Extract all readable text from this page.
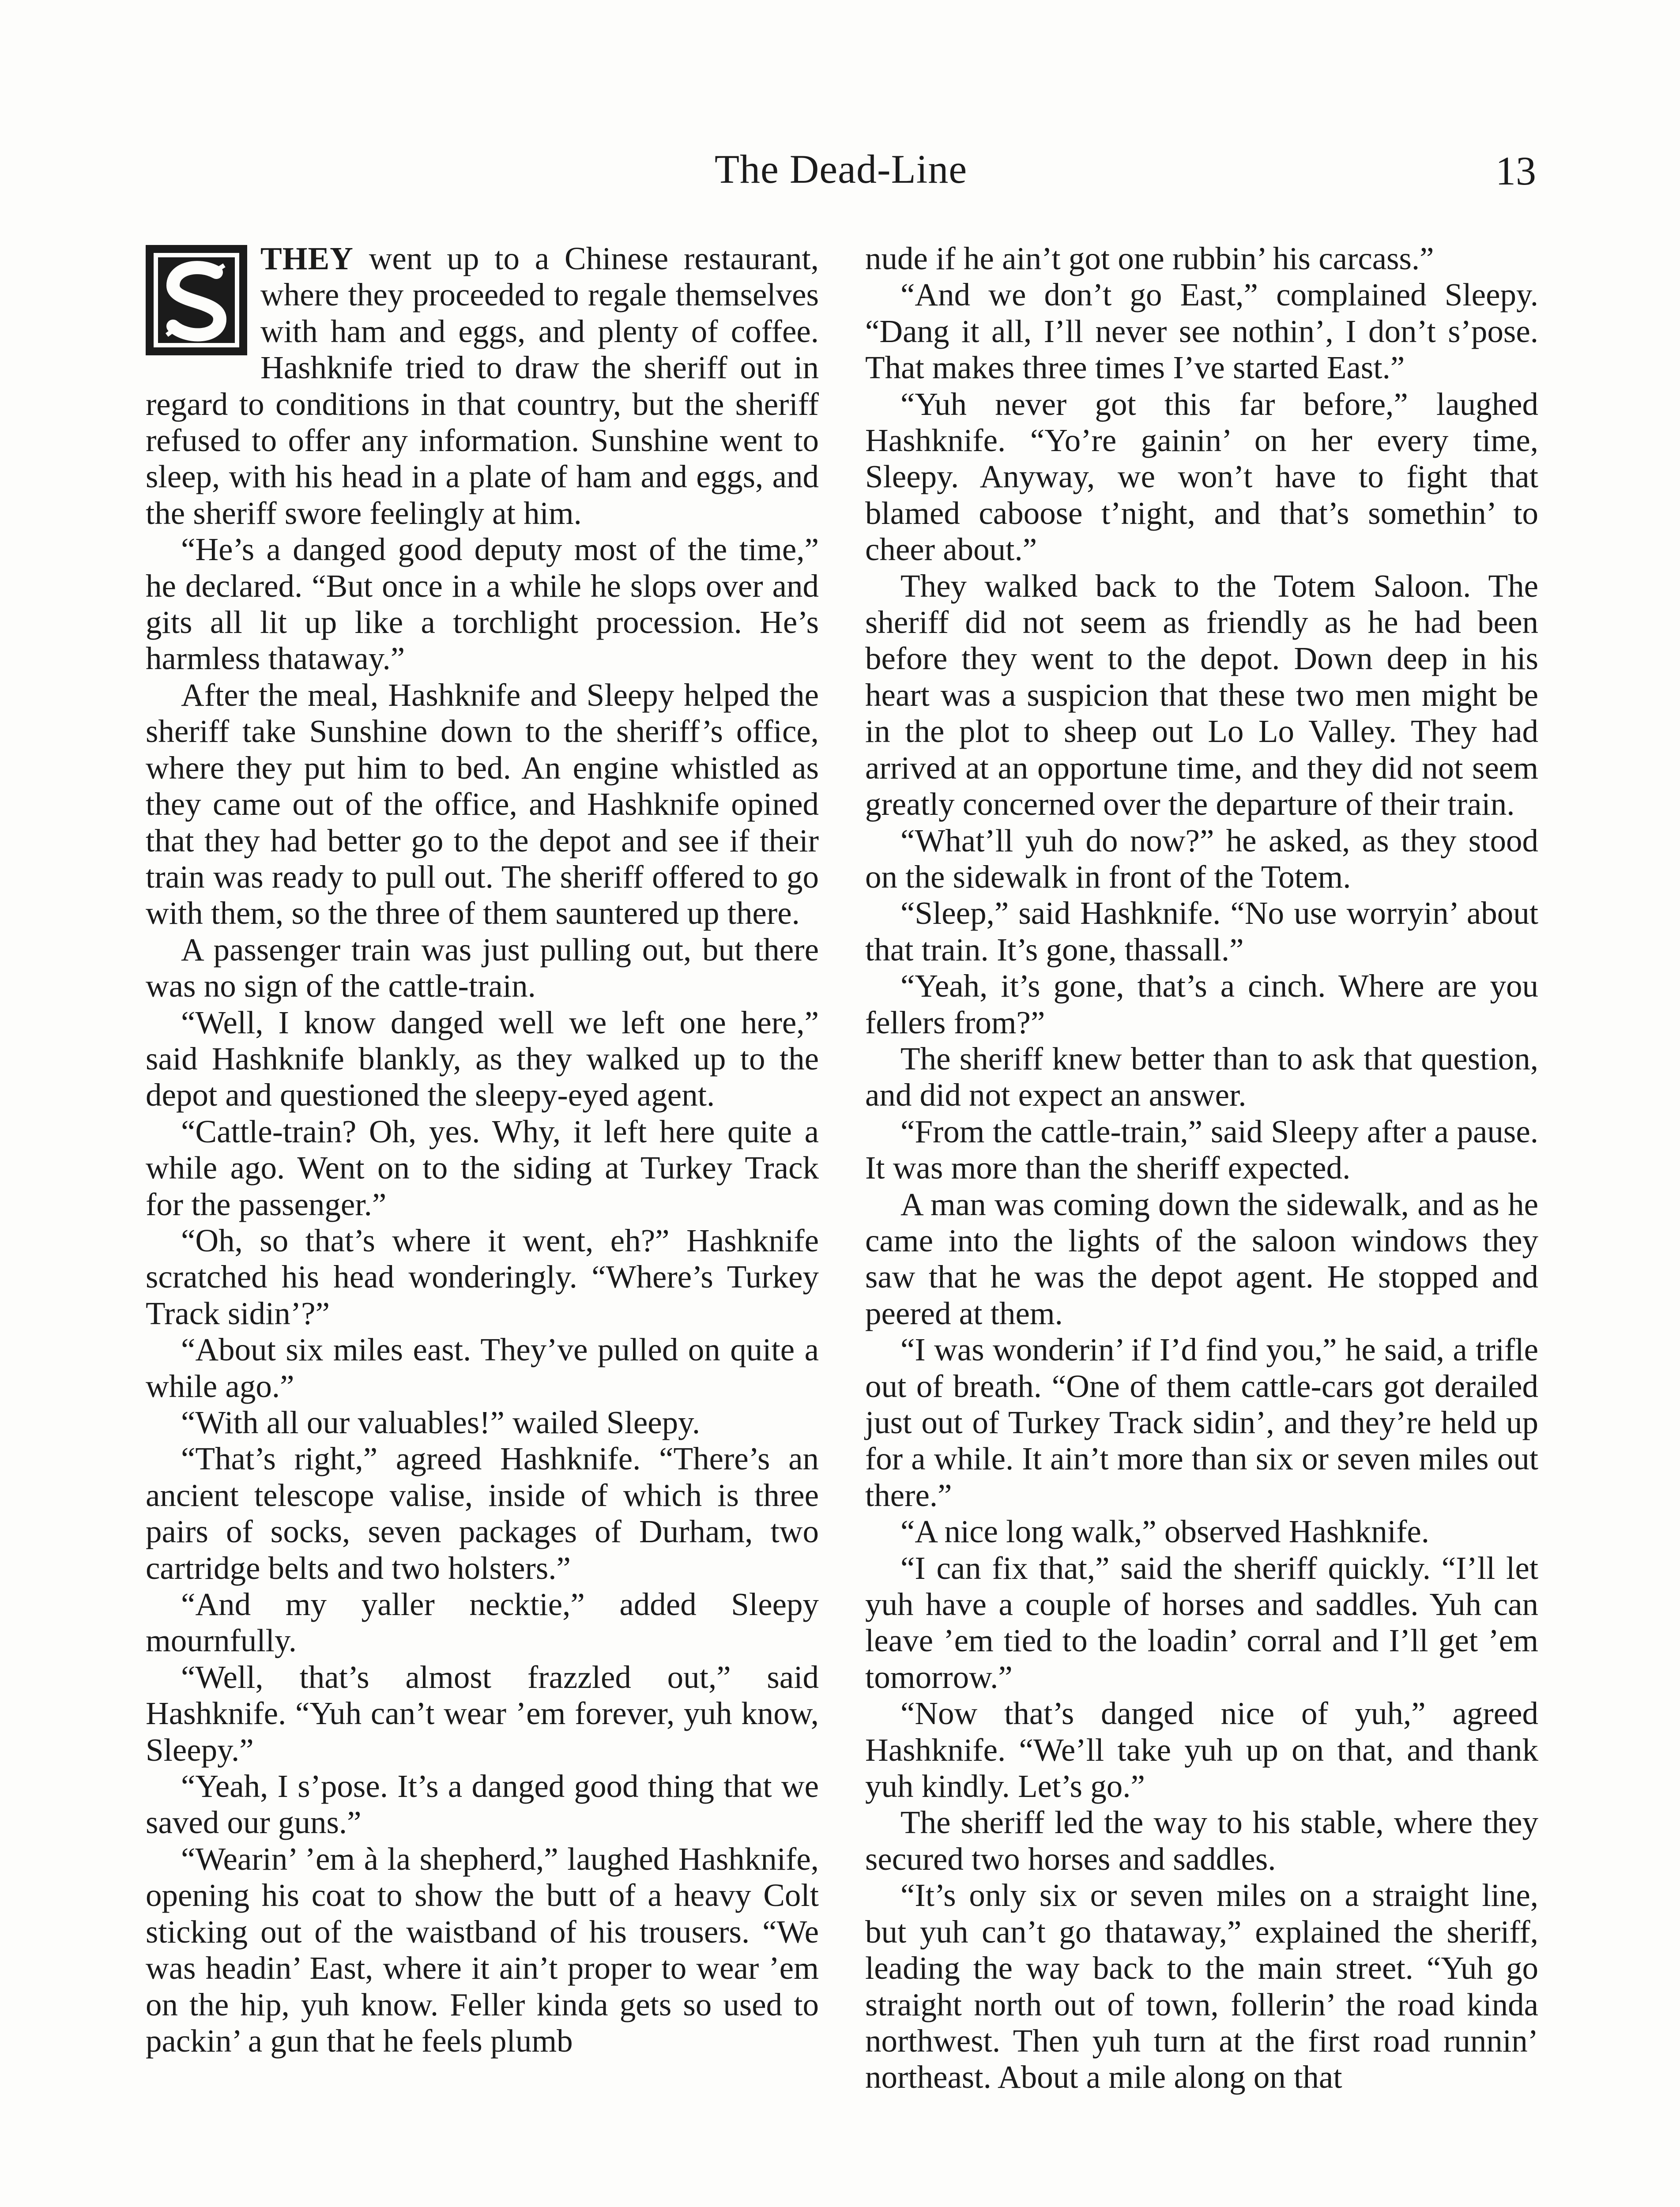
The Dead-Line	13

THEY went up to a Chinese restaurant, where they proceeded to regale themselves with ham and eggs, and plenty of coffee. Hashknife tried to draw the sheriff out in regard to conditions in that country, but the sheriff refused to offer any information. Sunshine went to sleep, with his head in a plate of ham and eggs, and the sheriff swore feelingly at him.

“He’s a danged good deputy most of the time,” he declared. “But once in a while he slops over and gits all lit up like a torchlight procession. He’s harmless thataway.”

After the meal, Hashknife and Sleepy helped the sheriff take Sunshine down to the sheriff’s office, where they put him to bed. An engine whistled as they came out of the office, and Hashknife opined that they had better go to the depot and see if their train was ready to pull out. The sheriff offered to go with them, so the three of them sauntered up there.

A passenger train was just pulling out, but there was no sign of the cattle-train.

“Well, I know danged well we left one here,” said Hashknife blankly, as they walked up to the depot and questioned the sleepy-eyed agent.

“Cattle-train? Oh, yes. Why, it left here quite a while ago. Went on to the siding at Turkey Track for the passenger.”

“Oh, so that’s where it went, eh?” Hashknife scratched his head wonderingly. “Where’s Turkey Track sidin’?”

“About six miles east. They’ve pulled on quite a while ago.”

“With all our valuables!” wailed Sleepy.

“That’s right,” agreed Hashknife. “There’s an ancient telescope valise, inside of which is three pairs of socks, seven packages of Durham, two cartridge belts and two holsters.”

“And my yaller necktie,” added Sleepy mournfully.

“Well, that’s almost frazzled out,” said Hashknife. “Yuh can’t wear ’em forever, yuh know, Sleepy.”

“Yeah, I s’pose. It’s a danged good thing that we saved our guns.”

“Wearin’ ’em à la shepherd,” laughed Hashknife, opening his coat to show the butt of a heavy Colt sticking out of the waistband of his trousers. “We was headin’ East, where it ain’t proper to wear ’em on the hip, yuh know. Feller kinda gets so used to packin’ a gun that he feels plumb

nude if he ain’t got one rubbin’ his carcass.”

“And we don’t go East,” complained Sleepy. “Dang it all, I’ll never see nothin’, I don’t s’pose. That makes three times I’ve started East.”

“Yuh never got this far before,” laughed Hashknife. “Yo’re gainin’ on her every time, Sleepy. Anyway, we won’t have to fight that blamed caboose t’night, and that’s somethin’ to cheer about.”

They walked back to the Totem Saloon. The sheriff did not seem as friendly as he had been before they went to the depot. Down deep in his heart was a suspicion that these two men might be in the plot to sheep out Lo Lo Valley. They had arrived at an opportune time, and they did not seem greatly concerned over the departure of their train.

“What’ll yuh do now?” he asked, as they stood on the sidewalk in front of the Totem.

“Sleep,” said Hashknife. “No use worryin’ about that train. It’s gone, thassall.”

“Yeah, it’s gone, that’s a cinch. Where are you fellers from?”

The sheriff knew better than to ask that question, and did not expect an answer.

“From the cattle-train,” said Sleepy after a pause. It was more than the sheriff expected.

A man was coming down the sidewalk, and as he came into the lights of the saloon windows they saw that he was the depot agent. He stopped and peered at them.

“I was wonderin’ if I’d find you,” he said, a trifle out of breath. “One of them cattle-cars got derailed just out of Turkey Track sidin’, and they’re held up for a while. It ain’t more than six or seven miles out there.”

“A nice long walk,” observed Hashknife.

“I can fix that,” said the sheriff quickly. “I’ll let yuh have a couple of horses and saddles. Yuh can leave ’em tied to the loadin’ corral and I’ll get ’em tomorrow.”

“Now that’s danged nice of yuh,” agreed Hashknife. “We’ll take yuh up on that, and thank yuh kindly. Let’s go.”

The sheriff led the way to his stable, where they secured two horses and saddles.

“It’s only six or seven miles on a straight line, but yuh can’t go thataway,” explained the sheriff, leading the way back to the main street. “Yuh go straight north out of town, follerin’ the road kinda northwest. Then yuh turn at the first road runnin’ northeast. About a mile along on that
